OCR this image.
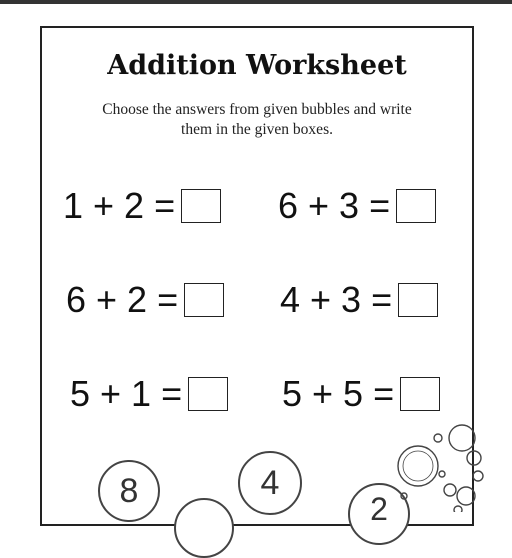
Addition Worksheet
Choose the answers from given bubbles and write
them in the given boxes.
1 + 2 =	6 + 3 =
6 + 2 =	4 + 3 =
5 + 1 =	5 + 5 =
8	4
2
